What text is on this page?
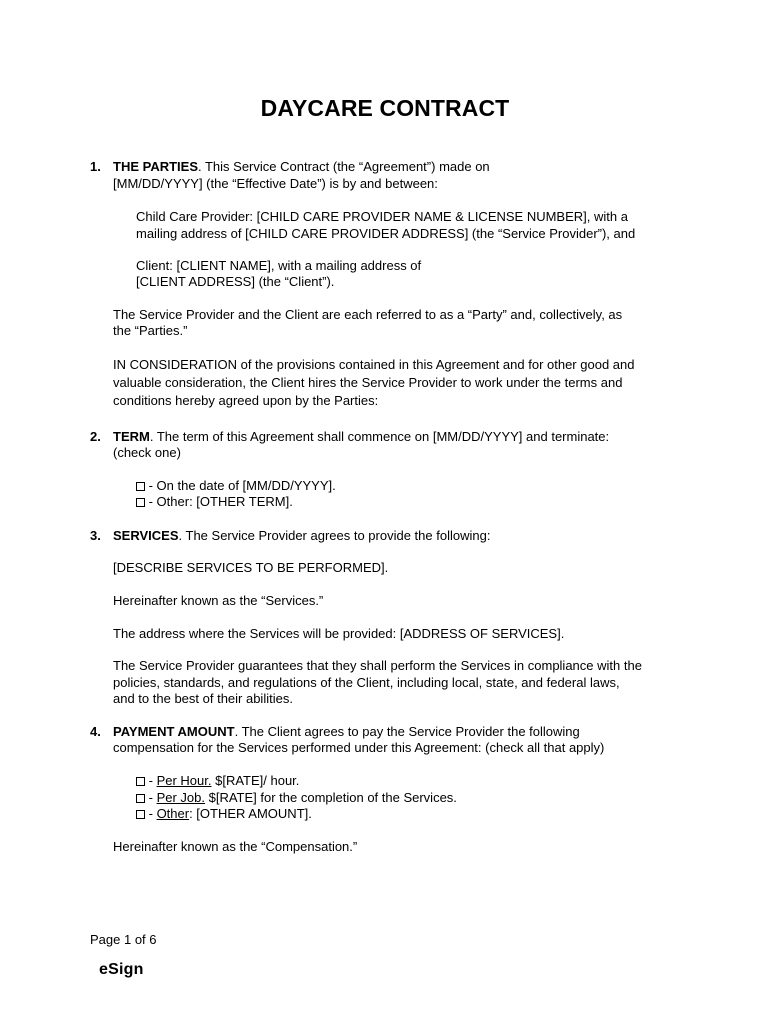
DAYCARE CONTRACT
1. THE PARTIES. This Service Contract (the “Agreement”) made on
[MM/DD/YYYY] (the “Effective Date”) is by and between:
Child Care Provider: [CHILD CARE PROVIDER NAME & LICENSE NUMBER], with a
mailing address of [CHILD CARE PROVIDER ADDRESS] (the “Service Provider”), and
Client: [CLIENT NAME], with a mailing address of
[CLIENT ADDRESS] (the “Client”).
The Service Provider and the Client are each referred to as a “Party” and, collectively, as
the “Parties.”
IN CONSIDERATION of the provisions contained in this Agreement and for other good and
valuable consideration, the Client hires the Service Provider to work under the terms and
conditions hereby agreed upon by the Parties:
2. TERM. The term of this Agreement shall commence on [MM/DD/YYYY] and terminate:
(check one)
- On the date of [MM/DD/YYYY].
- Other: [OTHER TERM].
3. SERVICES. The Service Provider agrees to provide the following:
[DESCRIBE SERVICES TO BE PERFORMED].
Hereinafter known as the “Services.”
The address where the Services will be provided: [ADDRESS OF SERVICES].
The Service Provider guarantees that they shall perform the Services in compliance with the
policies, standards, and regulations of the Client, including local, state, and federal laws,
and to the best of their abilities.
4. PAYMENT AMOUNT. The Client agrees to pay the Service Provider the following
compensation for the Services performed under this Agreement: (check all that apply)
- Per Hour. $[RATE]/ hour.
- Per Job. $[RATE] for the completion of the Services.
- Other: [OTHER AMOUNT].
Hereinafter known as the “Compensation.”
Page 1 of 6
eSign
